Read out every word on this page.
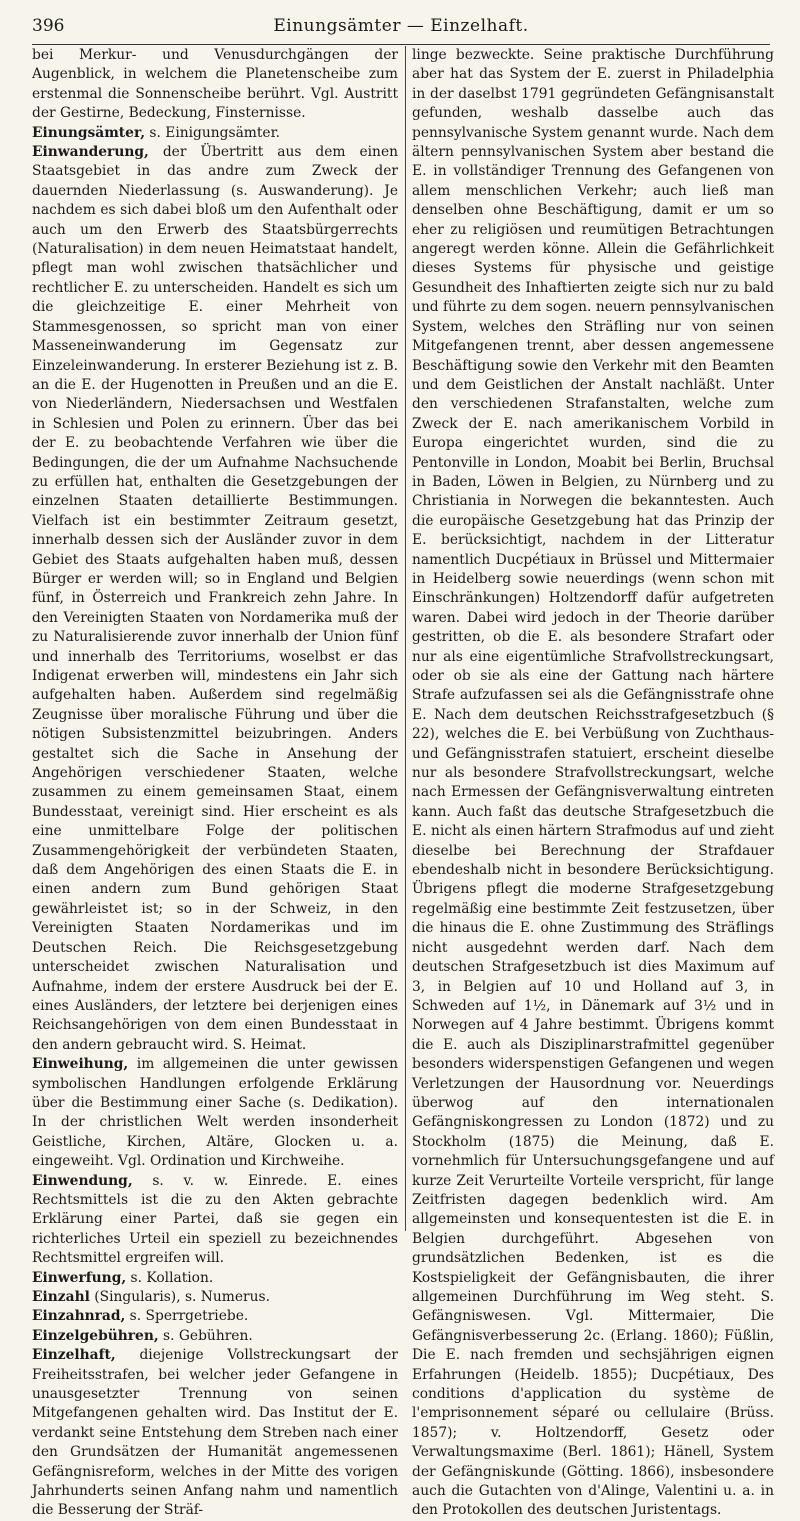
396	Einungsämter — Einzelhaft.

bei Merkur- und Venusdurchgängen der Augenblick, in welchem die Planetenscheibe zum erstenmal die Sonnenscheibe berührt. Vgl. Austritt der Gestirne, Bedeckung, Finsternisse.

Einungsämter, s. Einigungsämter.

Einwanderung, der Übertritt aus dem einen Staatsgebiet in das andre zum Zweck der dauernden Niederlassung (s. Auswanderung). Je nachdem es sich dabei bloß um den Aufenthalt oder auch um den Erwerb des Staatsbürgerrechts (Naturalisation) in dem neuen Heimatstaat handelt, pflegt man wohl zwischen thatsächlicher und rechtlicher E. zu unterscheiden. Handelt es sich um die gleichzeitige E. einer Mehrheit von Stammesgenossen, so spricht man von einer Masseneinwanderung im Gegensatz zur Einzeleinwanderung. In ersterer Beziehung ist z. B. an die E. der Hugenotten in Preußen und an die E. von Niederländern, Niedersachsen und Westfalen in Schlesien und Polen zu erinnern. Über das bei der E. zu beobachtende Verfahren wie über die Bedingungen, die der um Aufnahme Nachsuchende zu erfüllen hat, enthalten die Gesetzgebungen der einzelnen Staaten detaillierte Bestimmungen. Vielfach ist ein bestimmter Zeitraum gesetzt, innerhalb dessen sich der Ausländer zuvor in dem Gebiet des Staats aufgehalten haben muß, dessen Bürger er werden will; so in England und Belgien fünf, in Österreich und Frankreich zehn Jahre. In den Vereinigten Staaten von Nordamerika muß der zu Naturalisierende zuvor innerhalb der Union fünf und innerhalb des Territoriums, woselbst er das Indigenat erwerben will, mindestens ein Jahr sich aufgehalten haben. Außerdem sind regelmäßig Zeugnisse über moralische Führung und über die nötigen Subsistenzmittel beizubringen. Anders gestaltet sich die Sache in Ansehung der Angehörigen verschiedener Staaten, welche zusammen zu einem gemeinsamen Staat, einem Bundesstaat, vereinigt sind. Hier erscheint es als eine unmittelbare Folge der politischen Zusammengehörigkeit der verbündeten Staaten, daß dem Angehörigen des einen Staats die E. in einen andern zum Bund gehörigen Staat gewährleistet ist; so in der Schweiz, in den Vereinigten Staaten Nordamerikas und im Deutschen Reich. Die Reichsgesetzgebung unterscheidet zwischen Naturalisation und Aufnahme, indem der erstere Ausdruck bei der E. eines Ausländers, der letztere bei derjenigen eines Reichsangehörigen von dem einen Bundesstaat in den andern gebraucht wird. S. Heimat.

Einweihung, im allgemeinen die unter gewissen symbolischen Handlungen erfolgende Erklärung über die Bestimmung einer Sache (s. Dedikation). In der christlichen Welt werden insonderheit Geistliche, Kirchen, Altäre, Glocken u. a. eingeweiht. Vgl. Ordination und Kirchweihe.

Einwendung, s. v. w. Einrede. E. eines Rechtsmittels ist die zu den Akten gebrachte Erklärung einer Partei, daß sie gegen ein richterliches Urteil ein speziell zu bezeichnendes Rechtsmittel ergreifen will.

Einwerfung, s. Kollation.

Einzahl (Singularis), s. Numerus.

Einzahnrad, s. Sperrgetriebe.

Einzelgebühren, s. Gebühren.

Einzelhaft, diejenige Vollstreckungsart der Freiheitsstrafen, bei welcher jeder Gefangene in unausgesetzter Trennung von seinen Mitgefangenen gehalten wird. Das Institut der E. verdankt seine Entstehung dem Streben nach einer den Grundsätzen der Humanität angemessenen Gefängnisreform, welches in der Mitte des vorigen Jahrhunderts seinen Anfang nahm und namentlich die Besserung der Sträf-

linge bezweckte. Seine praktische Durchführung aber hat das System der E. zuerst in Philadelphia in der daselbst 1791 gegründeten Gefängnisanstalt gefunden, weshalb dasselbe auch das pennsylvanische System genannt wurde. Nach dem ältern pennsylvanischen System aber bestand die E. in vollständiger Trennung des Gefangenen von allem menschlichen Verkehr; auch ließ man denselben ohne Beschäftigung, damit er um so eher zu religiösen und reumütigen Betrachtungen angeregt werden könne. Allein die Gefährlichkeit dieses Systems für physische und geistige Gesundheit des Inhaftierten zeigte sich nur zu bald und führte zu dem sogen. neuern pennsylvanischen System, welches den Sträfling nur von seinen Mitgefangenen trennt, aber dessen angemessene Beschäftigung sowie den Verkehr mit den Beamten und dem Geistlichen der Anstalt nachläßt. Unter den verschiedenen Strafanstalten, welche zum Zweck der E. nach amerikanischem Vorbild in Europa eingerichtet wurden, sind die zu Pentonville in London, Moabit bei Berlin, Bruchsal in Baden, Löwen in Belgien, zu Nürnberg und zu Christiania in Norwegen die bekanntesten. Auch die europäische Gesetzgebung hat das Prinzip der E. berücksichtigt, nachdem in der Litteratur namentlich Ducpétiaux in Brüssel und Mittermaier in Heidelberg sowie neuerdings (wenn schon mit Einschränkungen) Holtzendorff dafür aufgetreten waren. Dabei wird jedoch in der Theorie darüber gestritten, ob die E. als besondere Strafart oder nur als eine eigentümliche Strafvollstreckungsart, oder ob sie als eine der Gattung nach härtere Strafe aufzufassen sei als die Gefängnisstrafe ohne E. Nach dem deutschen Reichsstrafgesetzbuch (§ 22), welches die E. bei Verbüßung von Zuchthaus- und Gefängnisstrafen statuiert, erscheint dieselbe nur als besondere Strafvollstreckungsart, welche nach Ermessen der Gefängnisverwaltung eintreten kann. Auch faßt das deutsche Strafgesetzbuch die E. nicht als einen härtern Strafmodus auf und zieht dieselbe bei Berechnung der Strafdauer ebendeshalb nicht in besondere Berücksichtigung. Übrigens pflegt die moderne Strafgesetzgebung regelmäßig eine bestimmte Zeit festzusetzen, über die hinaus die E. ohne Zustimmung des Sträflings nicht ausgedehnt werden darf. Nach dem deutschen Strafgesetzbuch ist dies Maximum auf 3, in Belgien auf 10 und Holland auf 3, in Schweden auf 1½, in Dänemark auf 3½ und in Norwegen auf 4 Jahre bestimmt. Übrigens kommt die E. auch als Disziplinarstrafmittel gegenüber besonders widerspenstigen Gefangenen und wegen Verletzungen der Hausordnung vor. Neuerdings überwog auf den internationalen Gefängniskongressen zu London (1872) und zu Stockholm (1875) die Meinung, daß E. vornehmlich für Untersuchungsgefangene und auf kurze Zeit Verurteilte Vorteile verspricht, für lange Zeitfristen dagegen bedenklich wird. Am allgemeinsten und konsequentesten ist die E. in Belgien durchgeführt. Abgesehen von grundsätzlichen Bedenken, ist es die Kostspieligkeit der Gefängnisbauten, die ihrer allgemeinen Durchführung im Weg steht. S. Gefängniswesen. Vgl. Mittermaier, Die Gefängnisverbesserung 2c. (Erlang. 1860); Füßlin, Die E. nach fremden und sechsjährigen eignen Erfahrungen (Heidelb. 1855); Ducpétiaux, Des conditions d'application du système de l'emprisonnement séparé ou cellulaire (Brüss. 1857); v. Holtzendorff, Gesetz oder Verwaltungsmaxime (Berl. 1861); Hänell, System der Gefängniskunde (Götting. 1866), insbesondere auch die Gutachten von d'Alinge, Valentini u. a. in den Protokollen des deutschen Juristentags.
